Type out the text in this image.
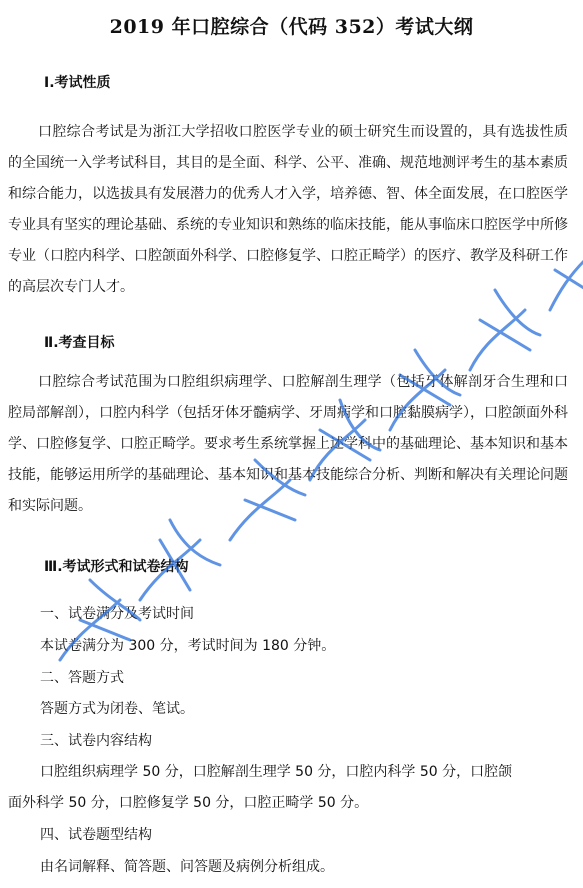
2019 年口腔综合（代码 352）考试大纲
Ⅰ.考试性质
口腔综合考试是为浙江大学招收口腔医学专业的硕士研究生而设置的，具有选拔性质的全国统一入学考试科目，其目的是全面、科学、公平、准确、规范地测评考生的基本素质和综合能力，以选拔具有发展潜力的优秀人才入学，培养德、智、体全面发展，在口腔医学专业具有坚实的理论基础、系统的专业知识和熟练的临床技能，能从事临床口腔医学中所修专业（口腔内科学、口腔颌面外科学、口腔修复学、口腔正畸学）的医疗、教学及科研工作的高层次专门人才。
Ⅱ.考查目标
口腔综合考试范围为口腔组织病理学、口腔解剖生理学（包括牙体解剖牙合生理和口腔局部解剖），口腔内科学（包括牙体牙髓病学、牙周病学和口腔黏膜病学），口腔颌面外科学、口腔修复学、口腔正畸学。要求考生系统掌握上述学科中的基础理论、基本知识和基本技能，能够运用所学的基础理论、基本知识和基本技能综合分析、判断和解决有关理论问题和实际问题。
Ⅲ.考试形式和试卷结构
一、试卷满分及考试时间
本试卷满分为 300 分，考试时间为 180 分钟。
二、答题方式
答题方式为闭卷、笔试。
三、试卷内容结构
口腔组织病理学 50 分，口腔解剖生理学 50 分，口腔内科学 50 分，口腔颌
面外科学 50 分，口腔修复学 50 分，口腔正畸学 50 分。
四、试卷题型结构
由名词解释、简答题、问答题及病例分析组成。
